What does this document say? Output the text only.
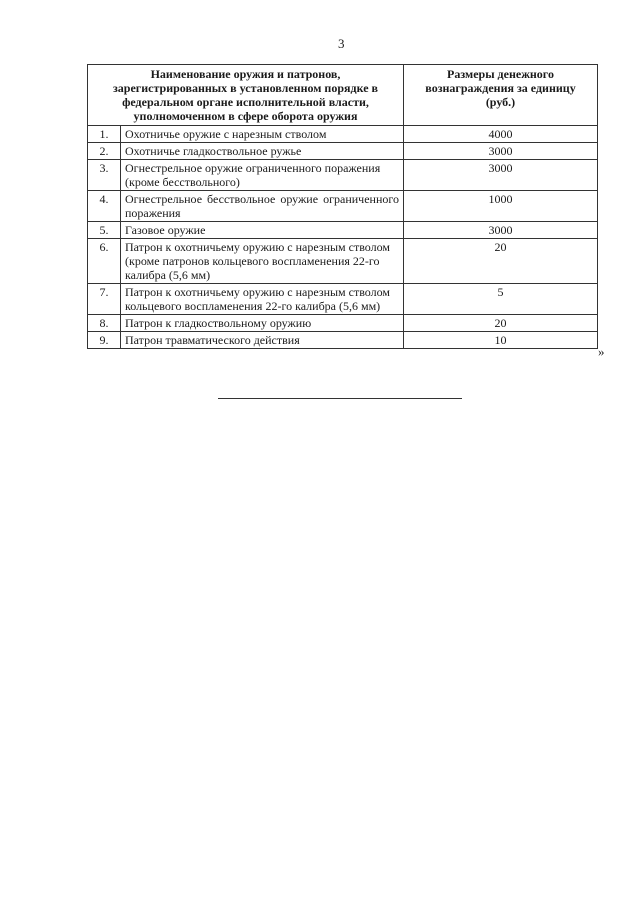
3
Наименование оружия и патронов, зарегистрированных в установленном порядке в федеральном органе исполнительной власти, уполномоченном в сфере оборота оружия		Размеры денежного вознаграждения за единицу (руб.)
1.	Охотничье оружие с нарезным стволом	4000
2.	Охотничье гладкоствольное ружье	3000
3.	Огнестрельное оружие ограниченного поражения (кроме бесствольного)	3000
4.	Огнестрельное бесствольное оружие ограниченного поражения	1000
5.	Газовое оружие	3000
6.	Патрон к охотничьему оружию с нарезным стволом (кроме патронов кольцевого воспламенения 22-го калибра (5,6 мм)	20
7.	Патрон к охотничьему оружию с нарезным стволом кольцевого воспламенения 22-го калибра (5,6 мм)	5
8.	Патрон к гладкоствольному оружию	20
9.	Патрон травматического действия	10
»
